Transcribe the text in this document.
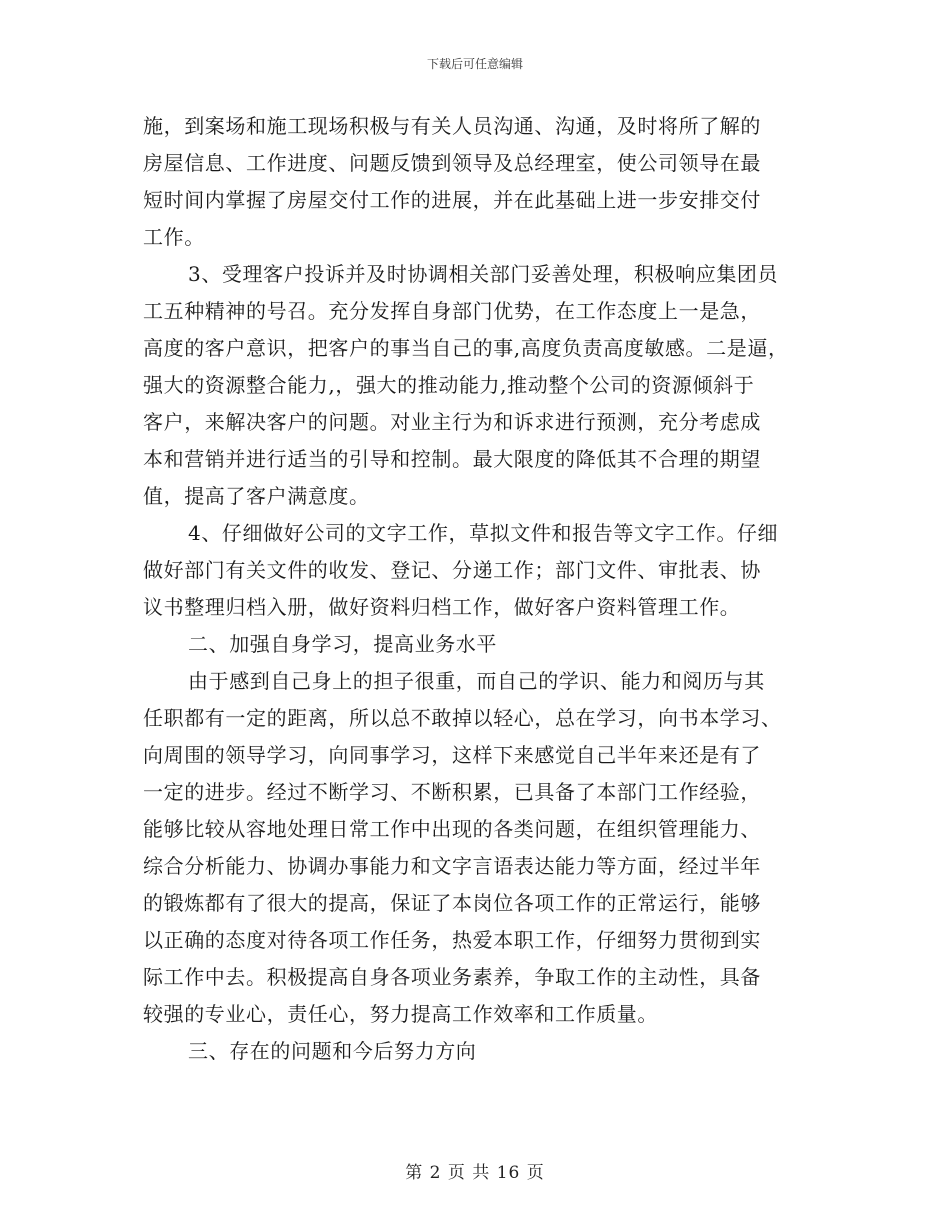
下载后可任意编辑
施，到案场和施工现场积极与有关人员沟通、沟通，及时将所了解的
房屋信息、工作进度、问题反馈到领导及总经理室，使公司领导在最
短时间内掌握了房屋交付工作的进展，并在此基础上进一步安排交付
工作。
3、受理客户投诉并及时协调相关部门妥善处理，积极响应集团员
工五种精神的号召。充分发挥自身部门优势，在工作态度上一是急，
高度的客户意识，把客户的事当自己的事,高度负责高度敏感。二是逼，
强大的资源整合能力,，强大的推动能力,推动整个公司的资源倾斜于
客户，来解决客户的问题。对业主行为和诉求进行预测，充分考虑成
本和营销并进行适当的引导和控制。最大限度的降低其不合理的期望
值，提高了客户满意度。
4、仔细做好公司的文字工作，草拟文件和报告等文字工作。仔细
做好部门有关文件的收发、登记、分递工作；部门文件、审批表、协
议书整理归档入册，做好资料归档工作，做好客户资料管理工作。
二、加强自身学习，提高业务水平
由于感到自己身上的担子很重，而自己的学识、能力和阅历与其
任职都有一定的距离，所以总不敢掉以轻心，总在学习，向书本学习、
向周围的领导学习，向同事学习，这样下来感觉自己半年来还是有了
一定的进步。经过不断学习、不断积累，已具备了本部门工作经验，
能够比较从容地处理日常工作中出现的各类问题，在组织管理能力、
综合分析能力、协调办事能力和文字言语表达能力等方面，经过半年
的锻炼都有了很大的提高，保证了本岗位各项工作的正常运行，能够
以正确的态度对待各项工作任务，热爱本职工作，仔细努力贯彻到实
际工作中去。积极提高自身各项业务素养，争取工作的主动性，具备
较强的专业心，责任心，努力提高工作效率和工作质量。
三、存在的问题和今后努力方向
第 2 页 共 16 页
